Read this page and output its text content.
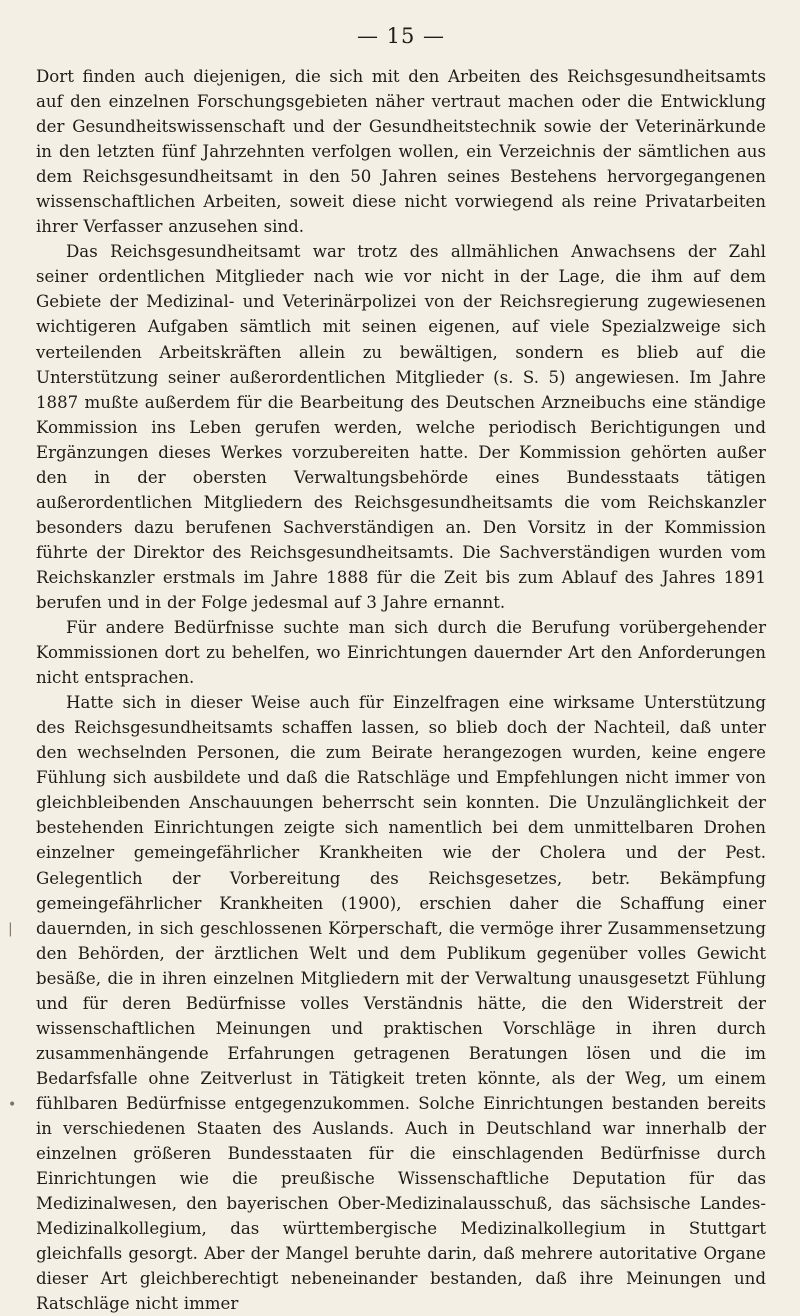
— 15 —

Dort finden auch diejenigen, die sich mit den Arbeiten des Reichsgesundheitsamts auf den einzelnen Forschungsgebieten näher vertraut machen oder die Entwicklung der Gesundheitswissenschaft und der Gesundheitstechnik sowie der Veterinärkunde in den letzten fünf Jahrzehnten verfolgen wollen, ein Verzeichnis der sämtlichen aus dem Reichsgesundheitsamt in den 50 Jahren seines Bestehens hervorgegangenen wissenschaftlichen Arbeiten, soweit diese nicht vorwiegend als reine Privatarbeiten ihrer Verfasser anzusehen sind.

Das Reichsgesundheitsamt war trotz des allmählichen Anwachsens der Zahl seiner ordentlichen Mitglieder nach wie vor nicht in der Lage, die ihm auf dem Gebiete der Medizinal- und Veterinärpolizei von der Reichsregierung zugewiesenen wichtigeren Aufgaben sämtlich mit seinen eigenen, auf viele Spezialzweige sich verteilenden Arbeitskräften allein zu bewältigen, sondern es blieb auf die Unterstützung seiner außerordentlichen Mitglieder (s. S. 5) angewiesen. Im Jahre 1887 mußte außerdem für die Bearbeitung des Deutschen Arzneibuchs eine ständige Kommission ins Leben gerufen werden, welche periodisch Berichtigungen und Ergänzungen dieses Werkes vorzubereiten hatte. Der Kommission gehörten außer den in der obersten Verwaltungsbehörde eines Bundesstaats tätigen außerordentlichen Mitgliedern des Reichsgesundheitsamts die vom Reichskanzler besonders dazu berufenen Sachverständigen an. Den Vorsitz in der Kommission führte der Direktor des Reichsgesundheitsamts. Die Sachverständigen wurden vom Reichskanzler erstmals im Jahre 1888 für die Zeit bis zum Ablauf des Jahres 1891 berufen und in der Folge jedesmal auf 3 Jahre ernannt.

Für andere Bedürfnisse suchte man sich durch die Berufung vorübergehender Kommissionen dort zu behelfen, wo Einrichtungen dauernder Art den Anforderungen nicht entsprachen.

Hatte sich in dieser Weise auch für Einzelfragen eine wirksame Unterstützung des Reichsgesundheitsamts schaffen lassen, so blieb doch der Nachteil, daß unter den wechselnden Personen, die zum Beirate herangezogen wurden, keine engere Fühlung sich ausbildete und daß die Ratschläge und Empfehlungen nicht immer von gleichbleibenden Anschauungen beherrscht sein konnten. Die Unzulänglichkeit der bestehenden Einrichtungen zeigte sich namentlich bei dem unmittelbaren Drohen einzelner gemeingefährlicher Krankheiten wie der Cholera und der Pest. Gelegentlich der Vorbereitung des Reichsgesetzes, betr. Bekämpfung gemeingefährlicher Krankheiten (1900), erschien daher die Schaffung einer dauernden, in sich geschlossenen Körperschaft, die vermöge ihrer Zusammensetzung den Behörden, der ärztlichen Welt und dem Publikum gegenüber volles Gewicht besäße, die in ihren einzelnen Mitgliedern mit der Verwaltung unausgesetzt Fühlung und für deren Bedürfnisse volles Verständnis hätte, die den Widerstreit der wissenschaftlichen Meinungen und praktischen Vorschläge in ihren durch zusammenhängende Erfahrungen getragenen Beratungen lösen und die im Bedarfsfalle ohne Zeitverlust in Tätigkeit treten könnte, als der Weg, um einem fühlbaren Bedürfnisse entgegenzukommen. Solche Einrichtungen bestanden bereits in verschiedenen Staaten des Auslands. Auch in Deutschland war innerhalb der einzelnen größeren Bundesstaaten für die einschlagenden Bedürfnisse durch Einrichtungen wie die preußische Wissenschaftliche Deputation für das Medizinalwesen, den bayerischen Ober-Medizinalausschuß, das sächsische Landes-Medizinalkollegium, das württembergische Medizinalkollegium in Stuttgart gleichfalls gesorgt. Aber der Mangel beruhte darin, daß mehrere autoritative Organe dieser Art gleichberechtigt nebeneinander bestanden, daß ihre Meinungen und Ratschläge nicht immer

|
•
